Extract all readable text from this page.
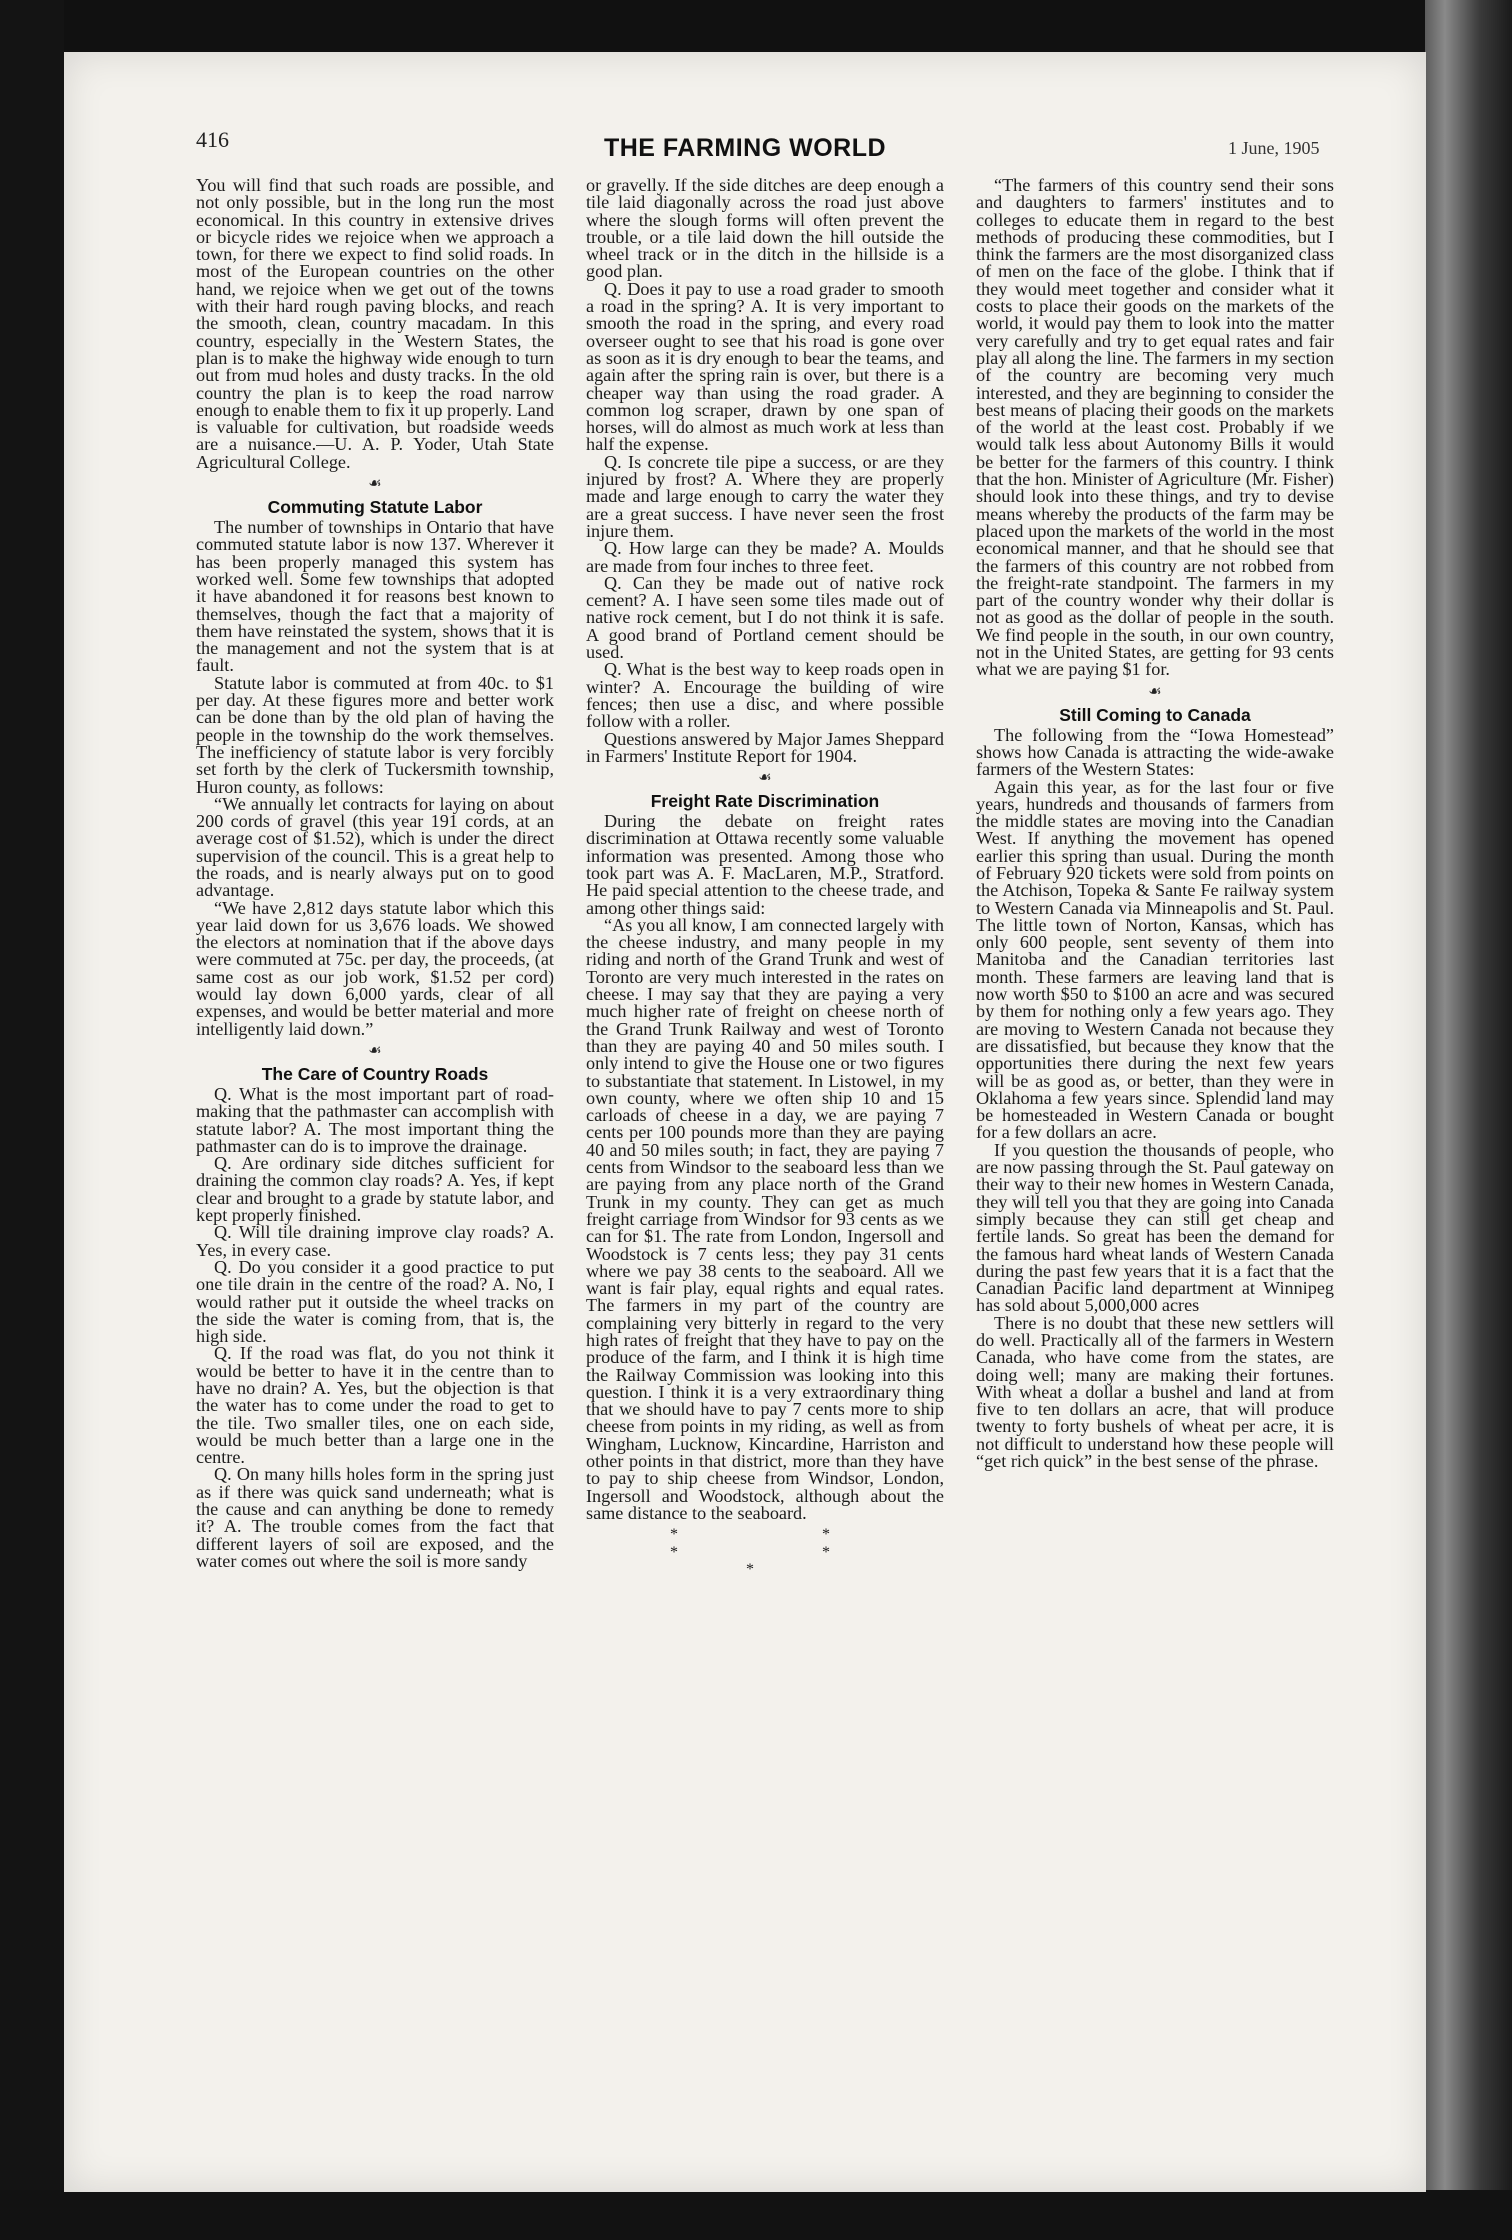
416	THE FARMING WORLD	1 June, 1905

You will find that such roads are possible, and not only possible, but in the long run the most economical. In this country in extensive drives or bicycle rides we rejoice when we approach a town, for there we expect to find solid roads. In most of the European countries on the other hand, we rejoice when we get out of the towns with their hard rough paving blocks, and reach the smooth, clean, country macadam. In this country, especially in the Western States, the plan is to make the highway wide enough to turn out from mud holes and dusty tracks. In the old country the plan is to keep the road narrow enough to enable them to fix it up properly. Land is valuable for cultivation, but roadside weeds are a nuisance.—U. A. P. Yoder, Utah State Agricultural College.

☙
Commuting Statute Labor

The number of townships in Ontario that have commuted statute labor is now 137. Wherever it has been properly managed this system has worked well. Some few townships that adopted it have abandoned it for reasons best known to themselves, though the fact that a majority of them have reinstated the system, shows that it is the management and not the system that is at fault.

Statute labor is commuted at from 40c. to $1 per day. At these figures more and better work can be done than by the old plan of having the people in the township do the work themselves. The inefficiency of statute labor is very forcibly set forth by the clerk of Tuckersmith township, Huron county, as follows:

“We annually let contracts for laying on about 200 cords of gravel (this year 191 cords, at an average cost of $1.52), which is under the direct supervision of the council. This is a great help to the roads, and is nearly always put on to good advantage.

“We have 2,812 days statute labor which this year laid down for us 3,676 loads. We showed the electors at nomination that if the above days were commuted at 75c. per day, the proceeds, (at same cost as our job work, $1.52 per cord) would lay down 6,000 yards, clear of all expenses, and would be better material and more intelligently laid down.”

☙
The Care of Country Roads

Q. What is the most important part of road-making that the pathmaster can accomplish with statute labor? A. The most important thing the pathmaster can do is to improve the drainage.

Q. Are ordinary side ditches sufficient for draining the common clay roads? A. Yes, if kept clear and brought to a grade by statute labor, and kept properly finished.

Q. Will tile draining improve clay roads? A. Yes, in every case.

Q. Do you consider it a good practice to put one tile drain in the centre of the road? A. No, I would rather put it outside the wheel tracks on the side the water is coming from, that is, the high side.

Q. If the road was flat, do you not think it would be better to have it in the centre than to have no drain? A. Yes, but the objection is that the water has to come under the road to get to the tile. Two smaller tiles, one on each side, would be much better than a large one in the centre.

Q. On many hills holes form in the spring just as if there was quick sand underneath; what is the cause and can anything be done to remedy it? A. The trouble comes from the fact that different layers of soil are exposed, and the water comes out where the soil is more sandy

or gravelly. If the side ditches are deep enough a tile laid diagonally across the road just above where the slough forms will often prevent the trouble, or a tile laid down the hill outside the wheel track or in the ditch in the hillside is a good plan.

Q. Does it pay to use a road grader to smooth a road in the spring? A. It is very important to smooth the road in the spring, and every road overseer ought to see that his road is gone over as soon as it is dry enough to bear the teams, and again after the spring rain is over, but there is a cheaper way than using the road grader. A common log scraper, drawn by one span of horses, will do almost as much work at less than half the expense.

Q. Is concrete tile pipe a success, or are they injured by frost? A. Where they are properly made and large enough to carry the water they are a great success. I have never seen the frost injure them.

Q. How large can they be made? A. Moulds are made from four inches to three feet.

Q. Can they be made out of native rock cement? A. I have seen some tiles made out of native rock cement, but I do not think it is safe. A good brand of Portland cement should be used.

Q. What is the best way to keep roads open in winter? A. Encourage the building of wire fences; then use a disc, and where possible follow with a roller.

Questions answered by Major James Sheppard in Farmers' Institute Report for 1904.

☙
Freight Rate Discrimination

During the debate on freight rates discrimination at Ottawa recently some valuable information was presented. Among those who took part was A. F. MacLaren, M.P., Stratford. He paid special attention to the cheese trade, and among other things said:

“As you all know, I am connected largely with the cheese industry, and many people in my riding and north of the Grand Trunk and west of Toronto are very much interested in the rates on cheese. I may say that they are paying a very much higher rate of freight on cheese north of the Grand Trunk Railway and west of Toronto than they are paying 40 and 50 miles south. I only intend to give the House one or two figures to substantiate that statement. In Listowel, in my own county, where we often ship 10 and 15 carloads of cheese in a day, we are paying 7 cents per 100 pounds more than they are paying 40 and 50 miles south; in fact, they are paying 7 cents from Windsor to the seaboard less than we are paying from any place north of the Grand Trunk in my county. They can get as much freight carriage from Windsor for 93 cents as we can for $1. The rate from London, Ingersoll and Woodstock is 7 cents less; they pay 31 cents where we pay 38 cents to the seaboard. All we want is fair play, equal rights and equal rates. The farmers in my part of the country are complaining very bitterly in regard to the very high rates of freight that they have to pay on the produce of the farm, and I think it is high time the Railway Commission was looking into this question. I think it is a very extraordinary thing that we should have to pay 7 cents more to ship cheese from points in my riding, as well as from Wingham, Lucknow, Kincardine, Harriston and other points in that district, more than they have to pay to ship cheese from Windsor, London, Ingersoll and Woodstock, although about the same distance to the seaboard.

* * * * *

“The farmers of this country send their sons and daughters to farmers' institutes and to colleges to educate them in regard to the best methods of producing these commodities, but I think the farmers are the most disorganized class of men on the face of the globe. I think that if they would meet together and consider what it costs to place their goods on the markets of the world, it would pay them to look into the matter very carefully and try to get equal rates and fair play all along the line. The farmers in my section of the country are becoming very much interested, and they are beginning to consider the best means of placing their goods on the markets of the world at the least cost. Probably if we would talk less about Autonomy Bills it would be better for the farmers of this country. I think that the hon. Minister of Agriculture (Mr. Fisher) should look into these things, and try to devise means whereby the products of the farm may be placed upon the markets of the world in the most economical manner, and that he should see that the farmers of this country are not robbed from the freight-rate standpoint. The farmers in my part of the country wonder why their dollar is not as good as the dollar of people in the south. We find people in the south, in our own country, not in the United States, are getting for 93 cents what we are paying $1 for.

☙
Still Coming to Canada

The following from the “Iowa Homestead” shows how Canada is attracting the wide-awake farmers of the Western States:

Again this year, as for the last four or five years, hundreds and thousands of farmers from the middle states are moving into the Canadian West. If anything the movement has opened earlier this spring than usual. During the month of February 920 tickets were sold from points on the Atchison, Topeka & Sante Fe railway system to Western Canada via Minneapolis and St. Paul. The little town of Norton, Kansas, which has only 600 people, sent seventy of them into Manitoba and the Canadian territories last month. These farmers are leaving land that is now worth $50 to $100 an acre and was secured by them for nothing only a few years ago. They are moving to Western Canada not because they are dissatisfied, but because they know that the opportunities there during the next few years will be as good as, or better, than they were in Oklahoma a few years since. Splendid land may be homesteaded in Western Canada or bought for a few dollars an acre.

If you question the thousands of people, who are now passing through the St. Paul gateway on their way to their new homes in Western Canada, they will tell you that they are going into Canada simply because they can still get cheap and fertile lands. So great has been the demand for the famous hard wheat lands of Western Canada during the past few years that it is a fact that the Canadian Pacific land department at Winnipeg has sold about 5,000,000 acres

There is no doubt that these new settlers will do well. Practically all of the farmers in Western Canada, who have come from the states, are doing well; many are making their fortunes. With wheat a dollar a bushel and land at from five to ten dollars an acre, that will produce twenty to forty bushels of wheat per acre, it is not difficult to understand how these people will “get rich quick” in the best sense of the phrase.
